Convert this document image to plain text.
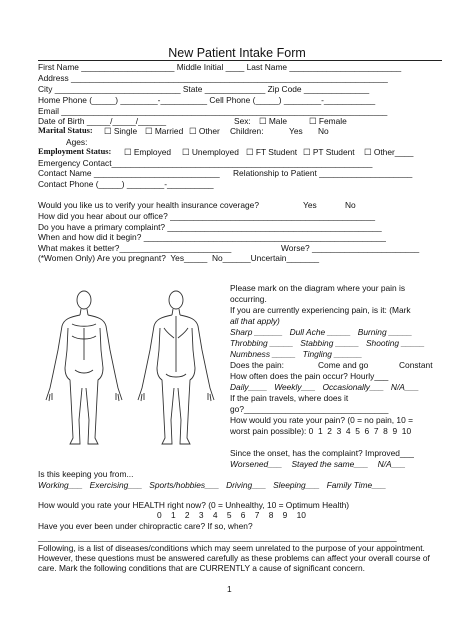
New Patient Intake Form
First Name ____________________ Middle Initial ____ Last Name ________________________
Address ____________________________________________________________________
City ___________________________ State _____________ Zip Code ______________
Home Phone (_____) ________-__________ Cell Phone (_____) ________-___________
Email ______________________________________________________________________
Date of Birth _____/_____/______	Sex: ☐ Male	☐ Female
Marital Status: ☐ Single ☐ Married ☐ Other Children:	Yes No
Ages:
Employment Status: ☐ Employed ☐ Unemployed ☐ FT Student ☐ PT Student ☐ Other____
Emergency Contact________________________________________________________
Contact Name ___________________________ Relationship to Patient ____________________
Contact Phone (_____) ________-__________
Would you like us to verify your health insurance coverage?	Yes	No
How did you hear about our office? ____________________________________________
Do you have a primary complaint? ______________________________________________
When and how did it begin? ____________________________________________________
What makes it better?________________________	Worse? _______________________
(*Women Only) Are you pregnant?  Yes_____  No______Uncertain_______
Please mark on the diagram where your pain is
occurring.
If you are currently experiencing pain, is it: (Mark
all that apply)
Sharp ______   Dull Ache _____   Burning _____
Throbbing _____   Stabbing _____   Shooting _____
Numbness _____   Tingling ______
Does the pain:	Come and go	Constant
How often does the pain occur? Hourly___
Daily____   Weekly___   Occasionally___   N/A___
If the pain travels, where does it
go?_______________________________
How would you rate your pain? (0 = no pain, 10 =
worst pain possible): 0  1  2  3  4  5  6  7  8  9  10
Since the onset, has the complaint? Improved___
Worsened___    Stayed the same___    N/A___
Is this keeping you from...
Working___   Exercising___   Sports/hobbies___   Driving___   Sleeping___   Family Time___
How would you rate your HEALTH right now? (0 = Unhealthy, 10 = Optimum Health)
0    1    2    3    4    5    6    7    8    9    10
Have you ever been under chiropractic care? If so, when?
_____________________________________________________________________________
Following, is a list of diseases/conditions which may seem unrelated to the purpose of your appointment.
However, these questions must be answered carefully as these problems can affect your overall course of
care. Mark the following conditions that are CURRENTLY a cause of significant concern.
1
